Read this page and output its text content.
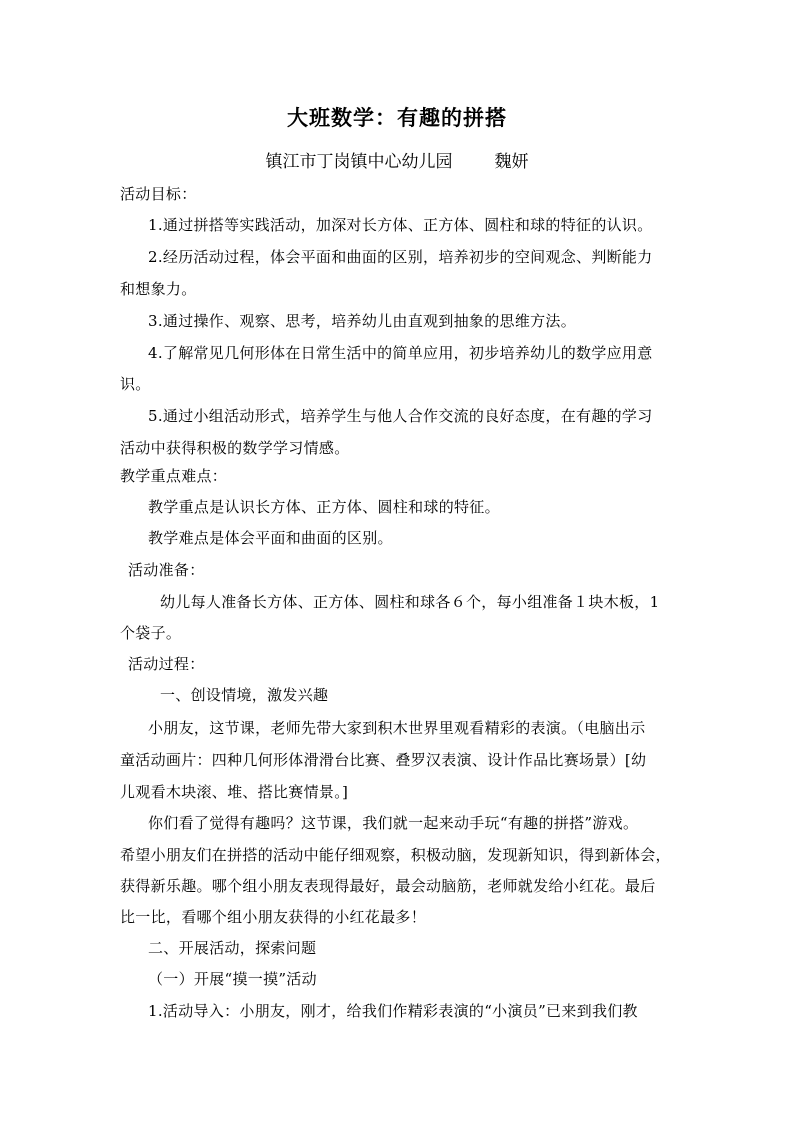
大班数学：有趣的拼搭
镇江市丁岗镇中心幼儿园 魏妍
活动目标：
1.通过拼搭等实践活动，加深对长方体、正方体、圆柱和球的特征的认识。
2.经历活动过程，体会平面和曲面的区别，培养初步的空间观念、判断能力
和想象力。
3.通过操作、观察、思考，培养幼儿由直观到抽象的思维方法。
4.了解常见几何形体在日常生活中的简单应用，初步培养幼儿的数学应用意
识。
5.通过小组活动形式，培养学生与他人合作交流的良好态度，在有趣的学习
活动中获得积极的数学学习情感。
教学重点难点：
教学重点是认识长方体、正方体、圆柱和球的特征。
教学难点是体会平面和曲面的区别。
活动准备：
幼儿每人准备长方体、正方体、圆柱和球各６个，每小组准备１块木板，1
个袋子。
活动过程：
一、创设情境，激发兴趣
小朋友，这节课，老师先带大家到积木世界里观看精彩的表演。（电脑出示
童活动画片：四种几何形体滑滑台比赛、叠罗汉表演、设计作品比赛场景）[幼
儿观看木块滚、堆、搭比赛情景。]
你们看了觉得有趣吗？这节课，我们就一起来动手玩“有趣的拼搭”游戏。
希望小朋友们在拼搭的活动中能仔细观察，积极动脑，发现新知识，得到新体会，
获得新乐趣。哪个组小朋友表现得最好，最会动脑筋，老师就发给小红花。最后
比一比，看哪个组小朋友获得的小红花最多！
二、开展活动，探索问题
（一）开展“摸一摸”活动
1.活动导入：小朋友，刚才，给我们作精彩表演的“小演员”已来到我们教
